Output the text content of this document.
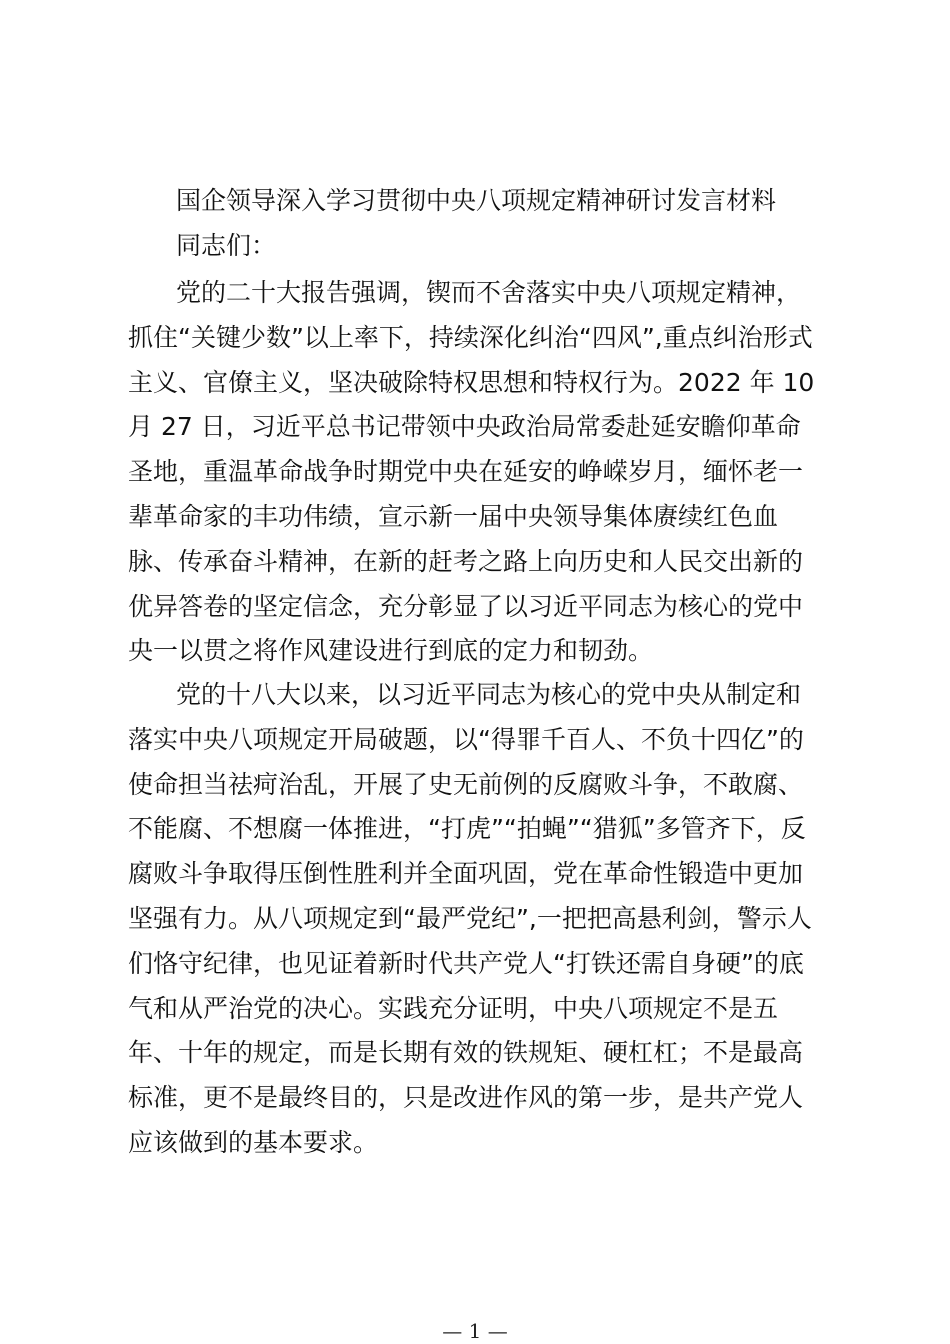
国企领导深入学习贯彻中央八项规定精神研讨发言材料
同志们：
党的二十大报告强调，锲而不舍落实中央八项规定精神，
抓住“关键少数”以上率下，持续深化纠治“四风”,重点纠治形式
主义、官僚主义，坚决破除特权思想和特权行为。2022 年 10
月 27 日，习近平总书记带领中央政治局常委赴延安瞻仰革命
圣地，重温革命战争时期党中央在延安的峥嵘岁月，缅怀老一
辈革命家的丰功伟绩，宣示新一届中央领导集体赓续红色血
脉、传承奋斗精神，在新的赶考之路上向历史和人民交出新的
优异答卷的坚定信念，充分彰显了以习近平同志为核心的党中
央一以贯之将作风建设进行到底的定力和韧劲。
党的十八大以来，以习近平同志为核心的党中央从制定和
落实中央八项规定开局破题，以“得罪千百人、不负十四亿”的
使命担当祛疴治乱，开展了史无前例的反腐败斗争，不敢腐、
不能腐、不想腐一体推进，“打虎”“拍蝇”“猎狐”多管齐下，反
腐败斗争取得压倒性胜利并全面巩固，党在革命性锻造中更加
坚强有力。从八项规定到“最严党纪”,一把把高悬利剑，警示人
们恪守纪律，也见证着新时代共产党人“打铁还需自身硬”的底
气和从严治党的决心。实践充分证明，中央八项规定不是五
年、十年的规定，而是长期有效的铁规矩、硬杠杠；不是最高
标准，更不是最终目的，只是改进作风的第一步，是共产党人
应该做到的基本要求。
— 1 —
